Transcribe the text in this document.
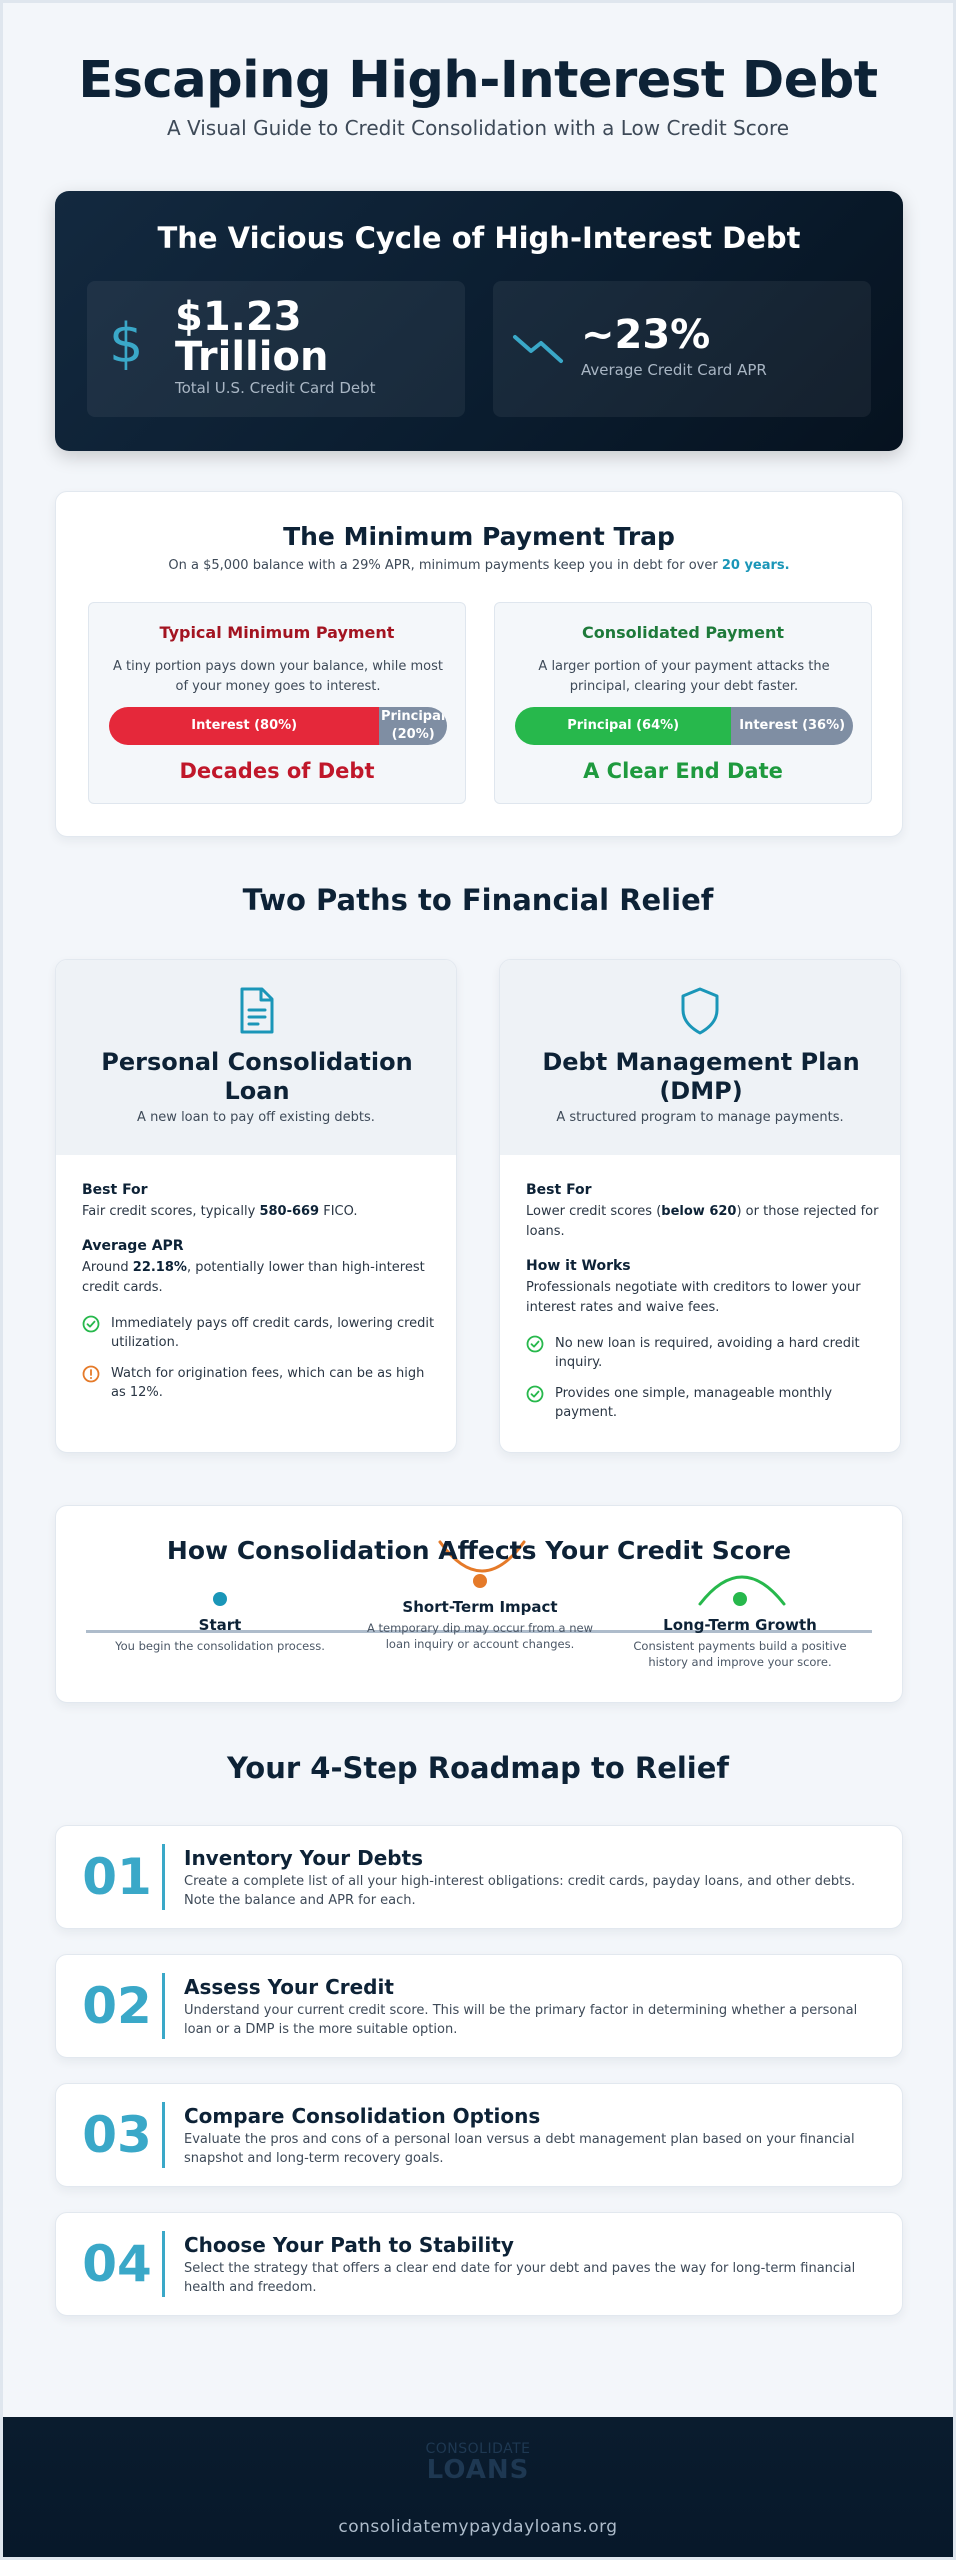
Escaping High-Interest Debt
A Visual Guide to Credit Consolidation with a Low Credit Score
The Vicious Cycle of High-Interest Debt
$ $1.23
Trillion
Total U.S. Credit Card Debt
~23%
Average Credit Card APR
The Minimum Payment Trap
On a $5,000 balance with a 29% APR, minimum payments keep you in debt for over 20 years.
Typical Minimum Payment

A tiny portion pays down your balance, while most of your money goes to interest.

Interest (80%)
Principal
(20%)
Decades of Debt
Consolidated Payment

A larger portion of your payment attacks the principal, clearing your debt faster.

Principal (64%)	Interest (36%)
A Clear End Date
Two Paths to Financial Relief
Personal Consolidation Loan
A new loan to pay off existing debts.
Best For
Fair credit scores, typically 580-669 FICO.
Average APR
Around 22.18%, potentially lower than high-interest credit cards.
Immediately pays off credit cards, lowering credit utilization.
Watch for origination fees, which can be as high as 12%.
Debt Management Plan (DMP)
A structured program to manage payments.
Best For
Lower credit scores (below 620) or those rejected for loans.
How it Works
Professionals negotiate with creditors to lower your interest rates and waive fees.
No new loan is required, avoiding a hard credit inquiry.
Provides one simple, manageable monthly payment.
How Consolidation Affects Your Credit Score
Start
You begin the consolidation process.
Short-Term Impact
A temporary dip may occur from a new loan inquiry or account changes.
Long-Term Growth
Consistent payments build a positive history and improve your score.
Your 4-Step Roadmap to Relief
01	Inventory Your Debts

Create a complete list of all your high-interest obligations: credit cards, payday loans, and other debts. Note the balance and APR for each.

02	Assess Your Credit

Understand your current credit score. This will be the primary factor in determining whether a personal loan or a DMP is the more suitable option.

03	Compare Consolidation Options

Evaluate the pros and cons of a personal loan versus a debt management plan based on your financial snapshot and long-term recovery goals.

04	Choose Your Path to Stability

Select the strategy that offers a clear end date for your debt and paves the way for long-term financial health and freedom.

CONSOLIDATE
LOANS
consolidatemypaydayloans.org
